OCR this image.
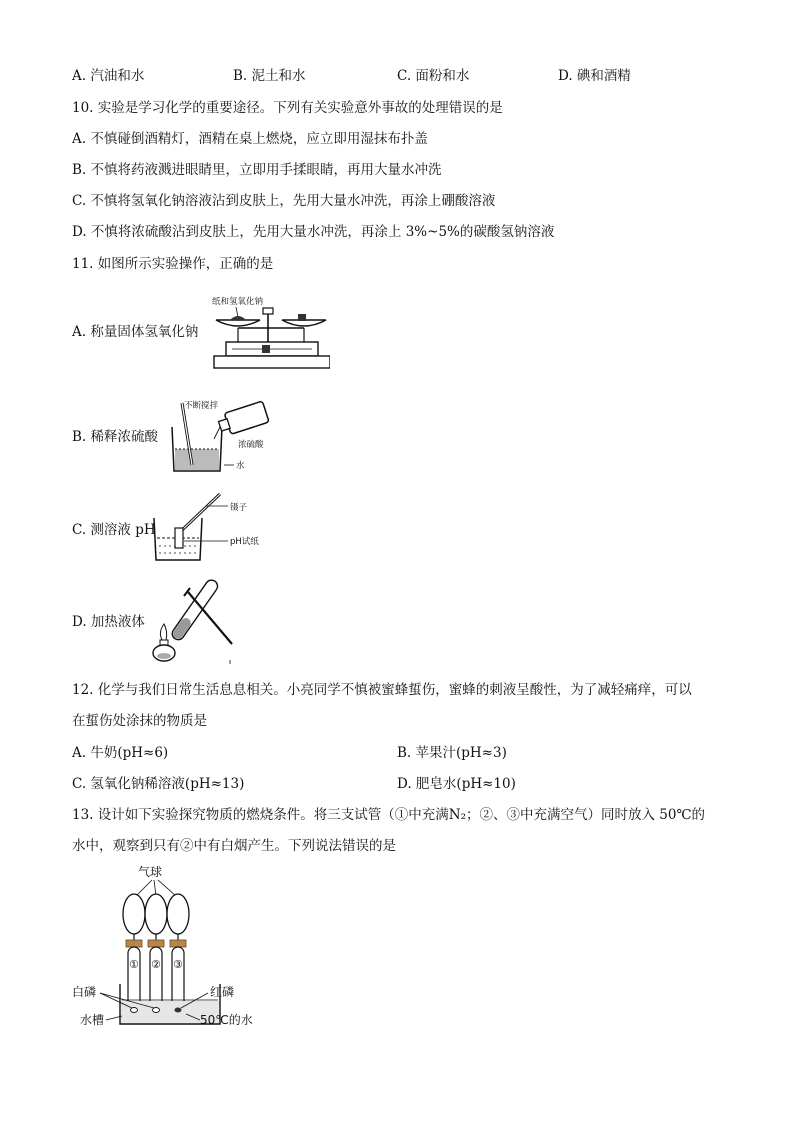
A. 汽油和水	B. 泥土和水	C. 面粉和水	D. 碘和酒精
10. 实验是学习化学的重要途径。下列有关实验意外事故的处理错误的是
A. 不慎碰倒酒精灯，酒精在桌上燃烧，应立即用湿抹布扑盖
B. 不慎将药液溅进眼睛里，立即用手揉眼睛，再用大量水冲洗
C. 不慎将氢氧化钠溶液沾到皮肤上，先用大量水冲洗，再涂上硼酸溶液
D. 不慎将浓硫酸沾到皮肤上，先用大量水冲洗，再涂上 3%~5%的碳酸氢钠溶液
11. 如图所示实验操作，正确的是
A. 称量固体氢氧化钠
纸和氢氧化钠
B. 稀释浓硫酸
不断搅拌
浓硫酸
水
C. 测溶液 pH
镊子
pH试纸
D. 加热液体
12. 化学与我们日常生活息息相关。小亮同学不慎被蜜蜂蜇伤，蜜蜂的刺液呈酸性，为了减轻痛痒，可以
在蜇伤处涂抹的物质是
A. 牛奶(pH≈6)	B. 苹果汁(pH≈3)
C. 氢氧化钠稀溶液(pH≈13)	D. 肥皂水(pH≈10)
13. 设计如下实验探究物质的燃烧条件。将三支试管（①中充满N₂；②、③中充满空气）同时放入 50℃的
水中，观察到只有②中有白烟产生。下列说法错误的是
气球
① ② ③
白磷	红磷
水槽	50℃的水
